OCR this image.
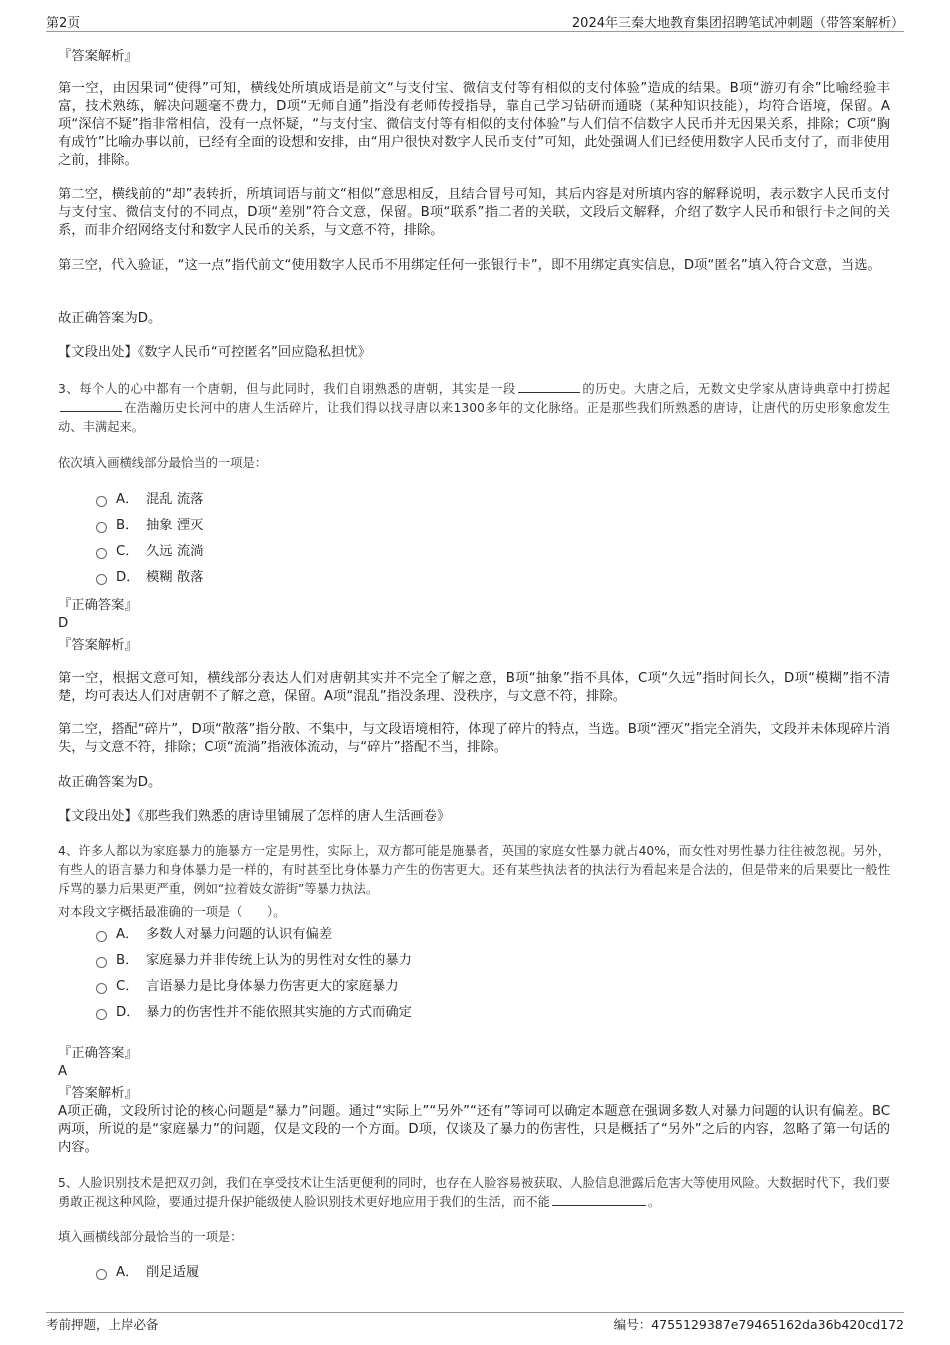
第2页	2024年三秦大地教育集团招聘笔试冲刺题（带答案解析）

『答案解析』

第一空，由因果词“使得”可知，横线处所填成语是前文“与支付宝、微信支付等有相似的支付体验”造成的结果。B项“游刃有余”比喻经验丰富，技术熟练，解决问题毫不费力，D项“无师自通”指没有老师传授指导，靠自己学习钻研而通晓（某种知识技能），均符合语境，保留。A项“深信不疑”指非常相信，没有一点怀疑，“与支付宝、微信支付等有相似的支付体验”与人们信不信数字人民币并无因果关系，排除；C项“胸有成竹”比喻办事以前，已经有全面的设想和安排，由“用户很快对数字人民币支付”可知，此处强调人们已经使用数字人民币支付了，而非使用之前，排除。

第二空，横线前的“却”表转折，所填词语与前文“相似”意思相反，且结合冒号可知，其后内容是对所填内容的解释说明，表示数字人民币支付与支付宝、微信支付的不同点，D项“差别”符合文意，保留。B项“联系”指二者的关联，文段后文解释，介绍了数字人民币和银行卡之间的关系，而非介绍网络支付和数字人民币的关系，与文意不符，排除。

第三空，代入验证，“这一点”指代前文“使用数字人民币不用绑定任何一张银行卡”，即不用绑定真实信息，D项“匿名”填入符合文意，当选。

故正确答案为D。

【文段出处】《数字人民币“可控匿名”回应隐私担忧》

3、每个人的心中都有一个唐朝，但与此同时，我们自诩熟悉的唐朝，其实是一段	的历史。大唐之后，无数文史学家从唐诗典章中打捞起在浩瀚历史长河中的唐人生活碎片，让我们得以找寻唐以来1300多年的文化脉络。正是那些我们所熟悉的唐诗，让唐代的历史形象愈发生动、丰满起来。

依次填入画横线部分最恰当的一项是：

A． 混乱 流落
B． 抽象 湮灭
C． 久远 流淌
D． 模糊 散落

『正确答案』

D

『答案解析』

第一空，根据文意可知，横线部分表达人们对唐朝其实并不完全了解之意，B项“抽象”指不具体，C项“久远”指时间长久，D项“模糊”指不清楚，均可表达人们对唐朝不了解之意，保留。A项“混乱”指没条理、没秩序，与文意不符，排除。

第二空，搭配“碎片”，D项“散落”指分散、不集中，与文段语境相符，体现了碎片的特点，当选。B项“湮灭”指完全消失，文段并未体现碎片消失，与文意不符，排除；C项“流淌”指液体流动，与“碎片”搭配不当，排除。

故正确答案为D。

【文段出处】《那些我们熟悉的唐诗里铺展了怎样的唐人生活画卷》

4、许多人都以为家庭暴力的施暴方一定是男性，实际上，双方都可能是施暴者，英国的家庭女性暴力就占40%，而女性对男性暴力往往被忽视。另外，有些人的语言暴力和身体暴力是一样的，有时甚至比身体暴力产生的伤害更大。还有某些执法者的执法行为看起来是合法的，但是带来的后果要比一般性斥骂的暴力后果更严重，例如“拉着妓女游街”等暴力执法。

对本段文字概括最准确的一项是（　　）。

A． 多数人对暴力问题的认识有偏差
B． 家庭暴力并非传统上认为的男性对女性的暴力
C． 言语暴力是比身体暴力伤害更大的家庭暴力
D． 暴力的伤害性并不能依照其实施的方式而确定

『正确答案』

A

『答案解析』

A项正确，文段所讨论的核心问题是“暴力”问题。通过“实际上”“另外”“还有”等词可以确定本题意在强调多数人对暴力问题的认识有偏差。BC两项，所说的是“家庭暴力”的问题，仅是文段的一个方面。D项，仅谈及了暴力的伤害性，只是概括了“另外”之后的内容，忽略了第一句话的内容。

5、人脸识别技术是把双刃剑，我们在享受技术让生活更便利的同时，也存在人脸容易被获取、人脸信息泄露后危害大等使用风险。大数据时代下，我们要勇敢正视这种风险，要通过提升保护能级使人脸识别技术更好地应用于我们的生活，而不能	。

填入画横线部分最恰当的一项是：

A． 削足适履
考前押题，上岸必备	编号：4755129387e79465162da36b420cd172
